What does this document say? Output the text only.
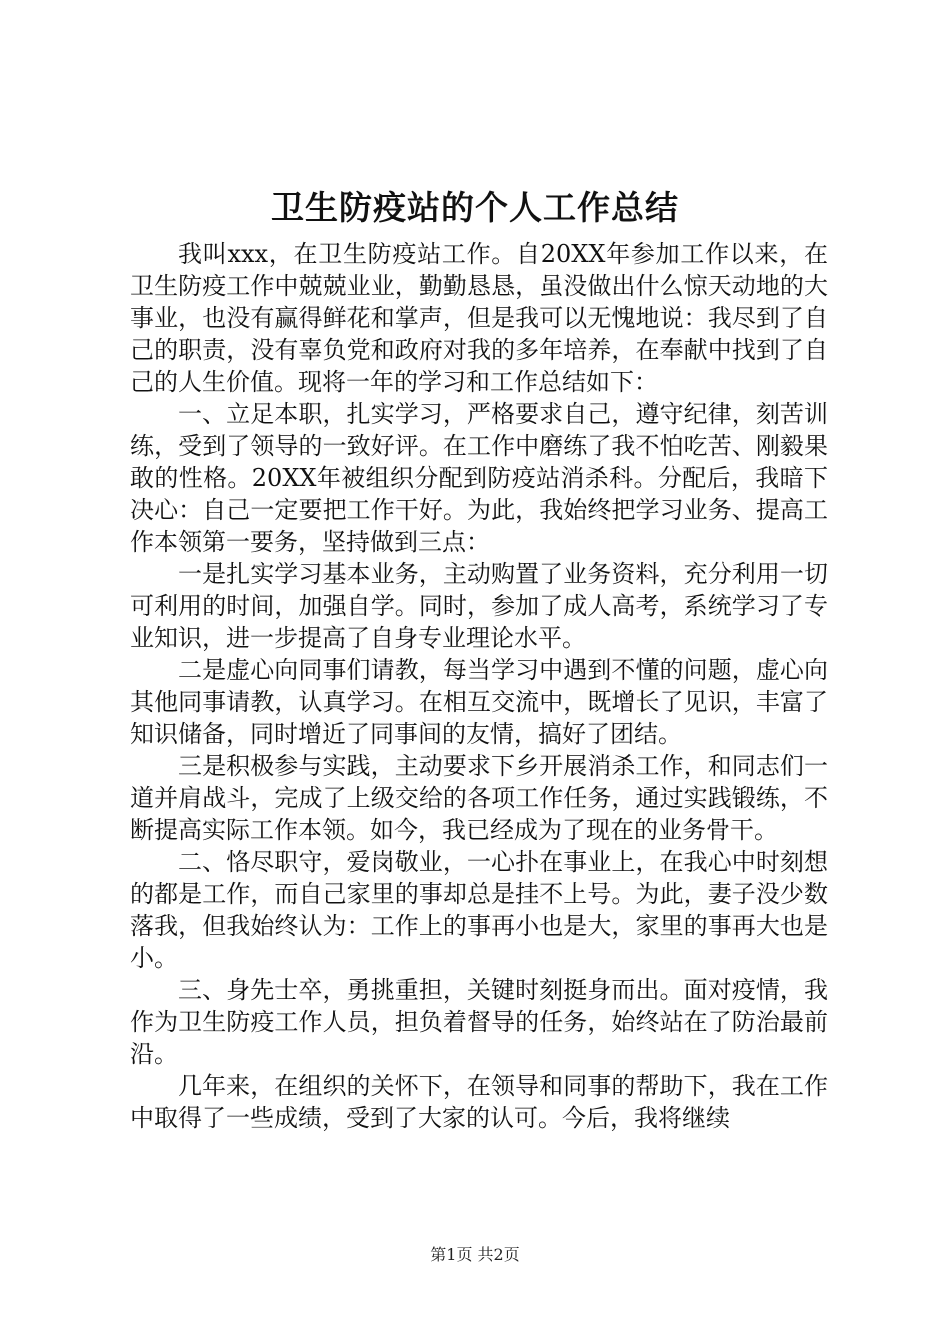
卫生防疫站的个人工作总结

我叫xxx，在卫生防疫站工作。自20XX年参加工作以来，在卫生防疫工作中兢兢业业，勤勤恳恳，虽没做出什么惊天动地的大事业，也没有赢得鲜花和掌声，但是我可以无愧地说：我尽到了自己的职责，没有辜负党和政府对我的多年培养，在奉献中找到了自己的人生价值。现将一年的学习和工作总结如下：

一、立足本职，扎实学习，严格要求自己，遵守纪律，刻苦训练，受到了领导的一致好评。在工作中磨练了我不怕吃苦、刚毅果敢的性格。20XX年被组织分配到防疫站消杀科。分配后，我暗下决心：自己一定要把工作干好。为此，我始终把学习业务、提高工作本领第一要务，坚持做到三点：

一是扎实学习基本业务，主动购置了业务资料，充分利用一切可利用的时间，加强自学。同时，参加了成人高考，系统学习了专业知识，进一步提高了自身专业理论水平。

二是虚心向同事们请教，每当学习中遇到不懂的问题，虚心向其他同事请教，认真学习。在相互交流中，既增长了见识，丰富了知识储备，同时增近了同事间的友情，搞好了团结。

三是积极参与实践，主动要求下乡开展消杀工作，和同志们一道并肩战斗，完成了上级交给的各项工作任务，通过实践锻练，不断提高实际工作本领。如今，我已经成为了现在的业务骨干。

二、恪尽职守，爱岗敬业，一心扑在事业上，在我心中时刻想的都是工作，而自己家里的事却总是挂不上号。为此，妻子没少数落我，但我始终认为：工作上的事再小也是大，家里的事再大也是小。

三、身先士卒，勇挑重担，关键时刻挺身而出。面对疫情，我作为卫生防疫工作人员，担负着督导的任务，始终站在了防治最前沿。

几年来，在组织的关怀下，在领导和同事的帮助下，我在工作中取得了一些成绩，受到了大家的认可。今后，我将继续

第1页 共2页
